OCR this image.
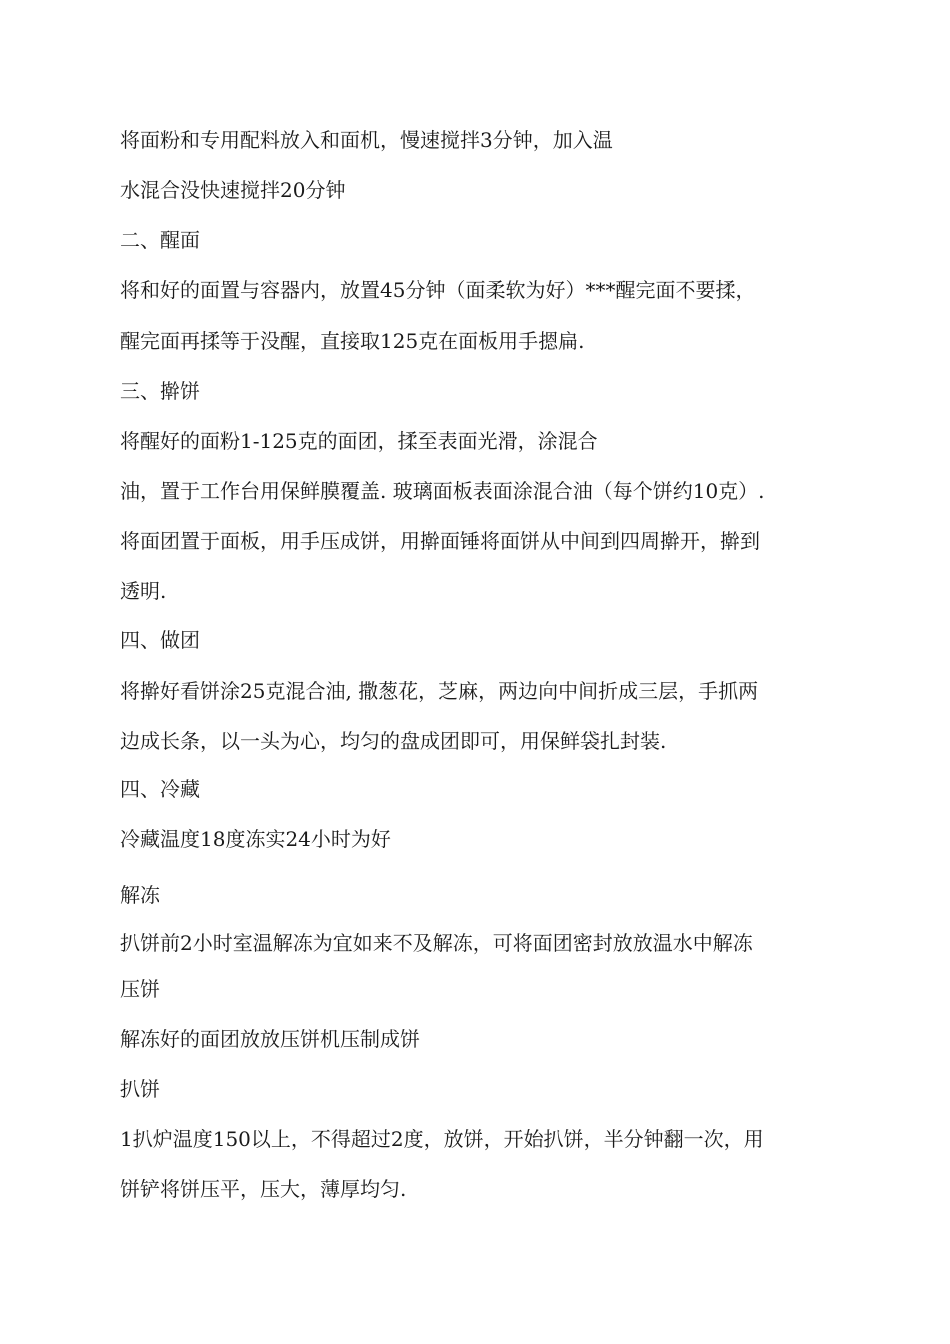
将面粉和专用配料放入和面机，慢速搅拌3分钟，加入温
水混合没快速搅拌20分钟
二、醒面
将和好的面置与容器内，放置45分钟（面柔软为好）***醒完面不要揉，
醒完面再揉等于没醒，直接取125克在面板用手摁扁.
三、擀饼
将醒好的面粉1-125克的面团，揉至表面光滑，涂混合
油，置于工作台用保鲜膜覆盖. 玻璃面板表面涂混合油（每个饼约10克）.
将面团置于面板，用手压成饼，用擀面锤将面饼从中间到四周擀开，擀到
透明.
四、做团
将擀好看饼涂25克混合油, 撒葱花，芝麻，两边向中间折成三层，手抓两
边成长条，以一头为心，均匀的盘成团即可，用保鲜袋扎封装.
四、冷藏
冷藏温度18度冻实24小时为好
解冻
扒饼前2小时室温解冻为宜如来不及解冻，可将面团密封放放温水中解冻
压饼
解冻好的面团放放压饼机压制成饼
扒饼
1扒炉温度150以上，不得超过2度，放饼，开始扒饼，半分钟翻一次，用
饼铲将饼压平，压大，薄厚均匀.
